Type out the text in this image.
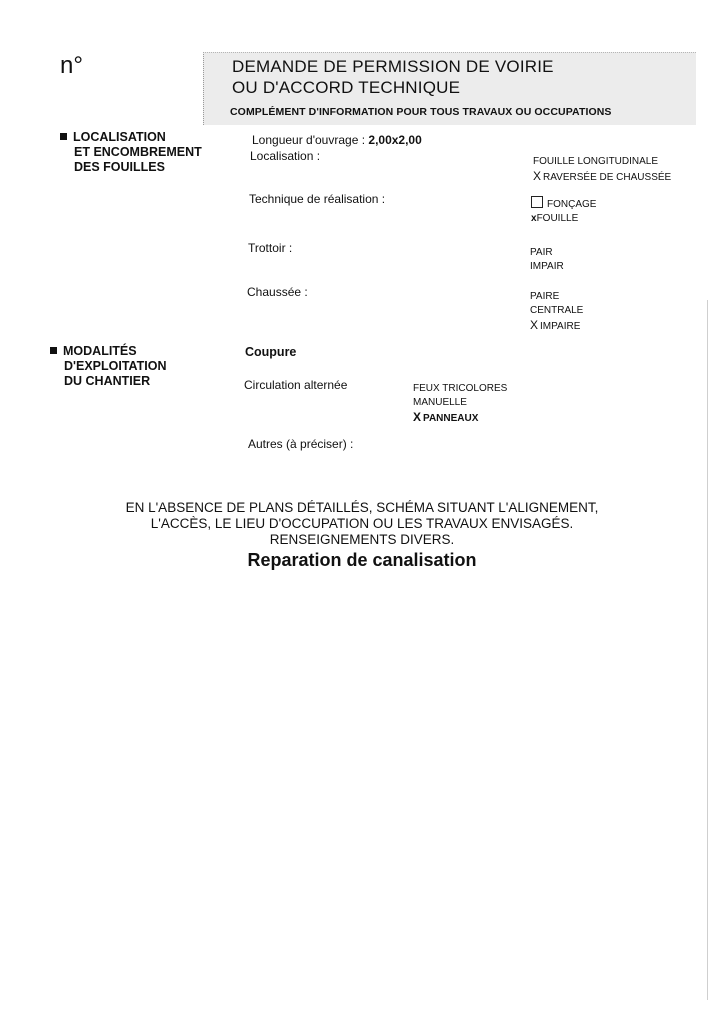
n°	DEMANDE DE PERMISSION DE VOIRIE
OU D'ACCORD TECHNIQUE
COMPLÉMENT D'INFORMATION POUR TOUS TRAVAUX OU OCCUPATIONS
LOCALISATION
ET ENCOMBREMENT
DES FOUILLES
Longueur d'ouvrage : 2,00x2,00
Localisation :	FOUILLE LONGITUDINALE
X RAVERSÉE DE CHAUSSÉE
Technique de réalisation :	FONÇAGE
xFOUILLE
Trottoir :	PAIR
IMPAIR
Chaussée :	PAIRE
CENTRALE
X IMPAIRE
MODALITÉS
D'EXPLOITATION
DU CHANTIER
Coupure
Circulation alternée	FEUX TRICOLORES
MANUELLE
X PANNEAUX
Autres (à préciser) :
EN L'ABSENCE DE PLANS DÉTAILLÉS, SCHÉMA SITUANT L'ALIGNEMENT,
L'ACCÈS, LE LIEU D'OCCUPATION OU LES TRAVAUX ENVISAGÉS.
RENSEIGNEMENTS DIVERS.
Reparation de canalisation
